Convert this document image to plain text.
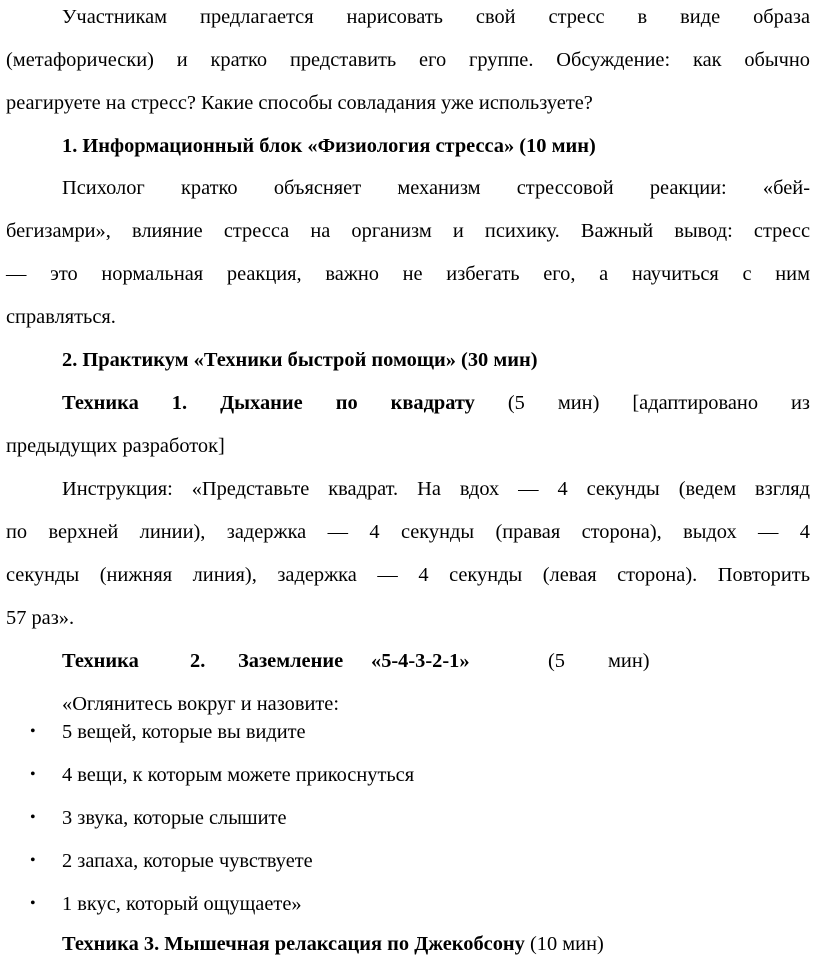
Участникам предлагается нарисовать свой стресс в виде образа
(метафорически) и кратко представить его группе. Обсуждение: как обычно
реагируете на стресс? Какие способы совладания уже используете?
1. Информационный блок «Физиология стресса» (10 мин)
Психолог кратко объясняет механизм стрессовой реакции: «бей-
бегизамри», влияние стресса на организм и психику. Важный вывод: стресс
— это нормальная реакция, важно не избегать его, а научиться с ним
справляться.
2. Практикум «Техники быстрой помощи» (30 мин)
Техника 1. Дыхание по квадрату (5 мин) [адаптировано из
предыдущих разработок]
Инструкция: «Представьте квадрат. На вдох — 4 секунды (ведем взгляд
по верхней линии), задержка — 4 секунды (правая сторона), выдох — 4
секунды (нижняя линия), задержка — 4 секунды (левая сторона). Повторить
57 раз».
Техника	2. Заземление «5-4-3-2-1»	(5 мин)
«Оглянитесь вокруг и назовите:
• 5 вещей, которые вы видите
• 4 вещи, к которым можете прикоснуться
• 3 звука, которые слышите
• 2 запаха, которые чувствуете
• 1 вкус, который ощущаете»
Техника 3. Мышечная релаксация по Джекобсону (10 мин)
